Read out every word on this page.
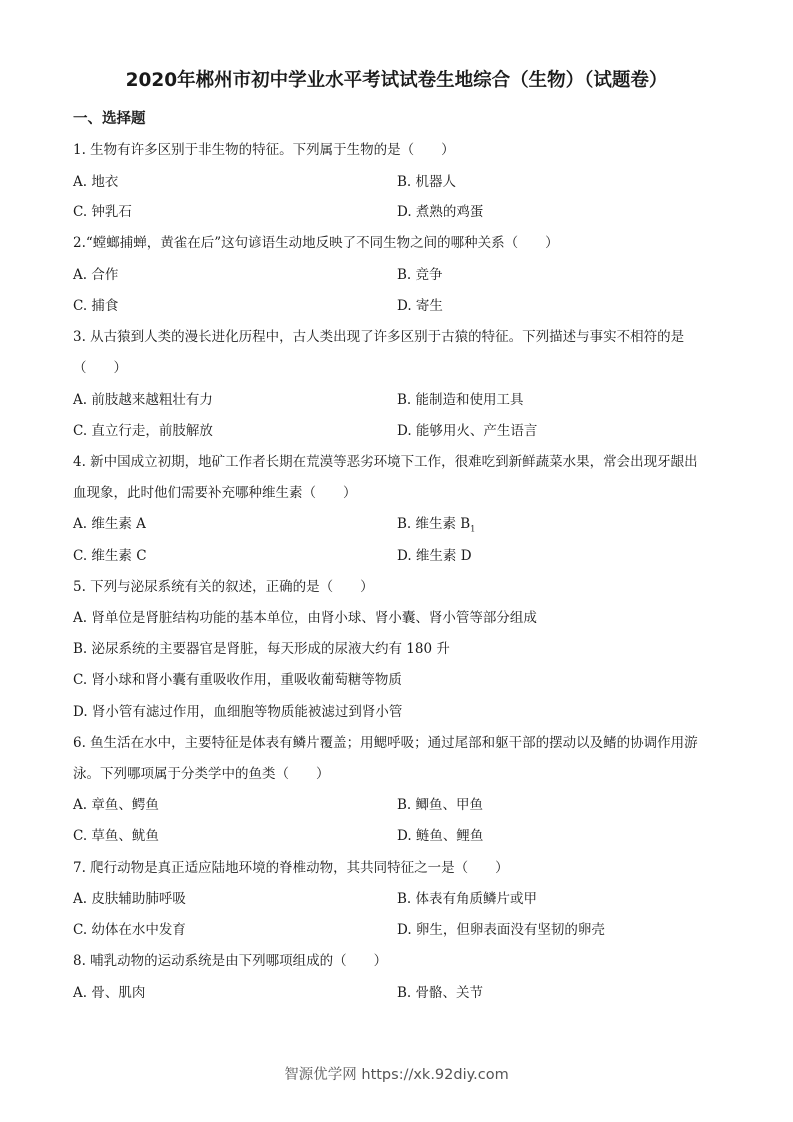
2020年郴州市初中学业水平考试试卷生地综合（生物）（试题卷）
一、选择题
1. 生物有许多区别于非生物的特征。下列属于生物的是（　　）
A. 地衣	B. 机器人
C. 钟乳石	D. 煮熟的鸡蛋
2.“螳螂捕蝉，黄雀在后”这句谚语生动地反映了不同生物之间的哪种关系（　　）
A. 合作	B. 竞争
C. 捕食	D. 寄生
3. 从古猿到人类的漫长进化历程中，古人类出现了许多区别于古猿的特征。下列描述与事实不相符的是
（　　）
A. 前肢越来越粗壮有力	B. 能制造和使用工具
C. 直立行走，前肢解放	D. 能够用火、产生语言
4. 新中国成立初期，地矿工作者长期在荒漠等恶劣环境下工作，很难吃到新鲜蔬菜水果，常会出现牙龈出
血现象，此时他们需要补充哪种维生素（　　）
A. 维生素 A	B. 维生素 $B_1$
C. 维生素 C	D. 维生素 D
5. 下列与泌尿系统有关的叙述，正确的是（　　）
A. 肾单位是肾脏结构功能的基本单位，由肾小球、肾小囊、肾小管等部分组成
B. 泌尿系统的主要器官是肾脏，每天形成的尿液大约有 180 升
C. 肾小球和肾小囊有重吸收作用，重吸收葡萄糖等物质
D. 肾小管有滤过作用，血细胞等物质能被滤过到肾小管
6. 鱼生活在水中，主要特征是体表有鳞片覆盖；用鳃呼吸；通过尾部和躯干部的摆动以及鳍的协调作用游
泳。下列哪项属于分类学中的鱼类（　　）
A. 章鱼、鳄鱼	B. 鲫鱼、甲鱼
C. 草鱼、鱿鱼	D. 鲢鱼、鲤鱼
7. 爬行动物是真正适应陆地环境的脊椎动物，其共同特征之一是（　　）
A. 皮肤辅助肺呼吸	B. 体表有角质鳞片或甲
C. 幼体在水中发育	D. 卵生，但卵表面没有坚韧的卵壳
8. 哺乳动物的运动系统是由下列哪项组成的（　　）
A. 骨、肌肉	B. 骨骼、关节
智源优学网 https://xk.92diy.com
